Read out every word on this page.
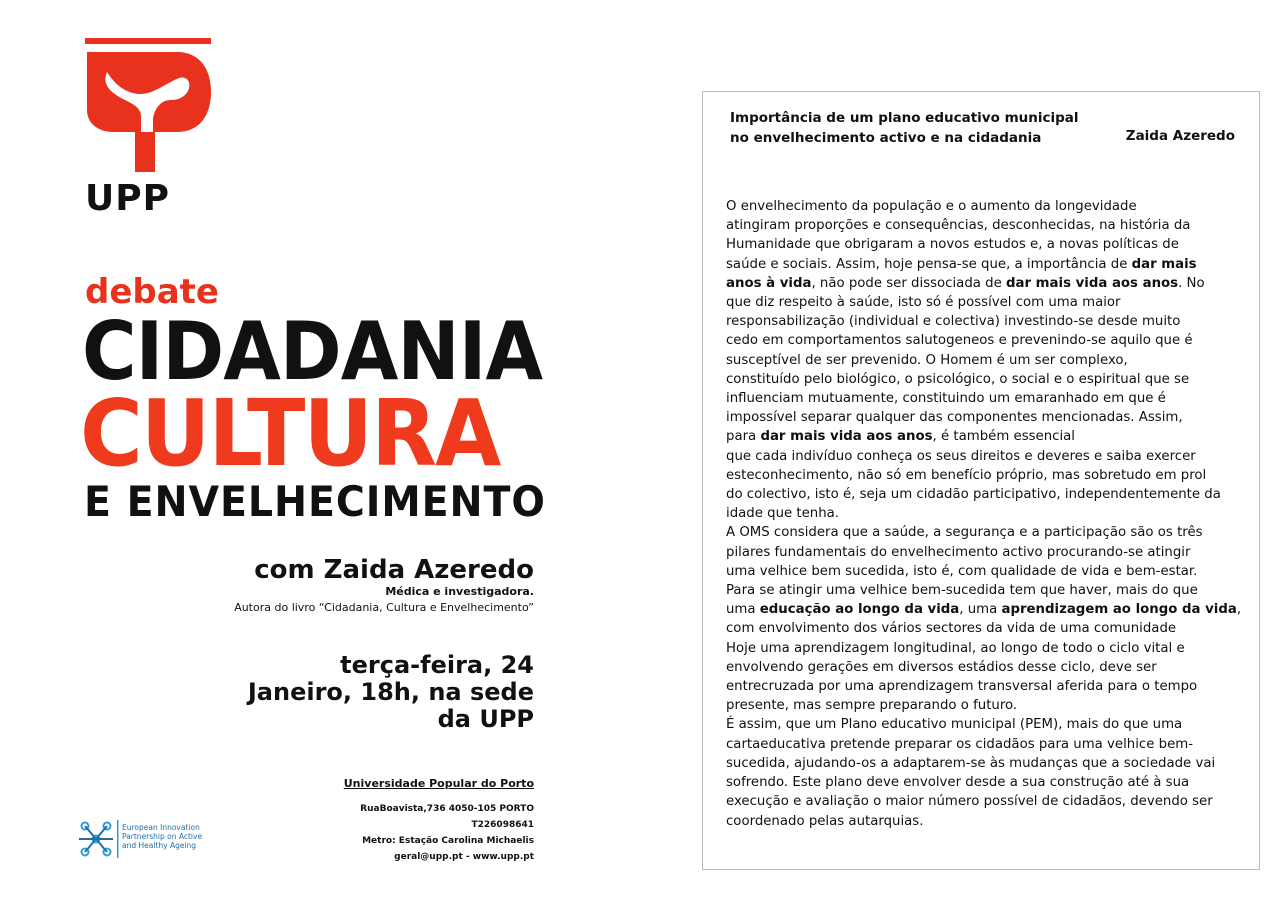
UPP
debate
CIDADANIA
CULTURA
E ENVELHECIMENTO
com Zaida Azeredo
Médica e investigadora.
Autora do livro “Cidadania, Cultura e Envelhecimento”
terça-feira, 24
Janeiro, 18h, na sede
da UPP
Universidade Popular do Porto
RuaBoavista,736 4050-105 PORTO
T226098641
Metro: Estação Carolina Michaelis
geral@upp.pt - www.upp.pt
European Innovation
Partnership on Active
and Healthy Ageing
Importância de um plano educativo municipal
no envelhecimento activo e na cidadania	Zaida Azeredo
O envelhecimento da população e o aumento da longevidade
atingiram proporções e consequências, desconhecidas, na história da
Humanidade que obrigaram a novos estudos e, a novas políticas de
saúde e sociais. Assim, hoje pensa-se que, a importância de dar mais
anos à vida, não pode ser dissociada de dar mais vida aos anos. No
que diz respeito à saúde, isto só é possível com uma maior
responsabilização (individual e colectiva) investindo-se desde muito
cedo em comportamentos salutogeneos e prevenindo-se aquilo que é
susceptível de ser prevenido. O Homem é um ser complexo,
constituído pelo biológico, o psicológico, o social e o espiritual que se
influenciam mutuamente, constituindo um emaranhado em que é
impossível separar qualquer das componentes mencionadas. Assim,
para dar mais vida aos anos, é também essencial
que cada indivíduo conheça os seus direitos e deveres e saiba exercer
esteconhecimento, não só em benefício próprio, mas sobretudo em prol
do colectivo, isto é, seja um cidadão participativo, independentemente da
idade que tenha.
A OMS considera que a saúde, a segurança e a participação são os três
pilares fundamentais do envelhecimento activo procurando-se atingir
uma velhice bem sucedida, isto é, com qualidade de vida e bem-estar.
Para se atingir uma velhice bem-sucedida tem que haver, mais do que
uma educação ao longo da vida, uma aprendizagem ao longo da vida,
com envolvimento dos vários sectores da vida de uma comunidade
Hoje uma aprendizagem longitudinal, ao longo de todo o ciclo vital e
envolvendo gerações em diversos estádios desse ciclo, deve ser
entrecruzada por uma aprendizagem transversal aferida para o tempo
presente, mas sempre preparando o futuro.
É assim, que um Plano educativo municipal (PEM), mais do que uma
cartaeducativa pretende preparar os cidadãos para uma velhice bem-
sucedida, ajudando-os a adaptarem-se às mudanças que a sociedade vai
sofrendo. Este plano deve envolver desde a sua construção até à sua
execução e avaliação o maior número possível de cidadãos, devendo ser
coordenado pelas autarquias.
